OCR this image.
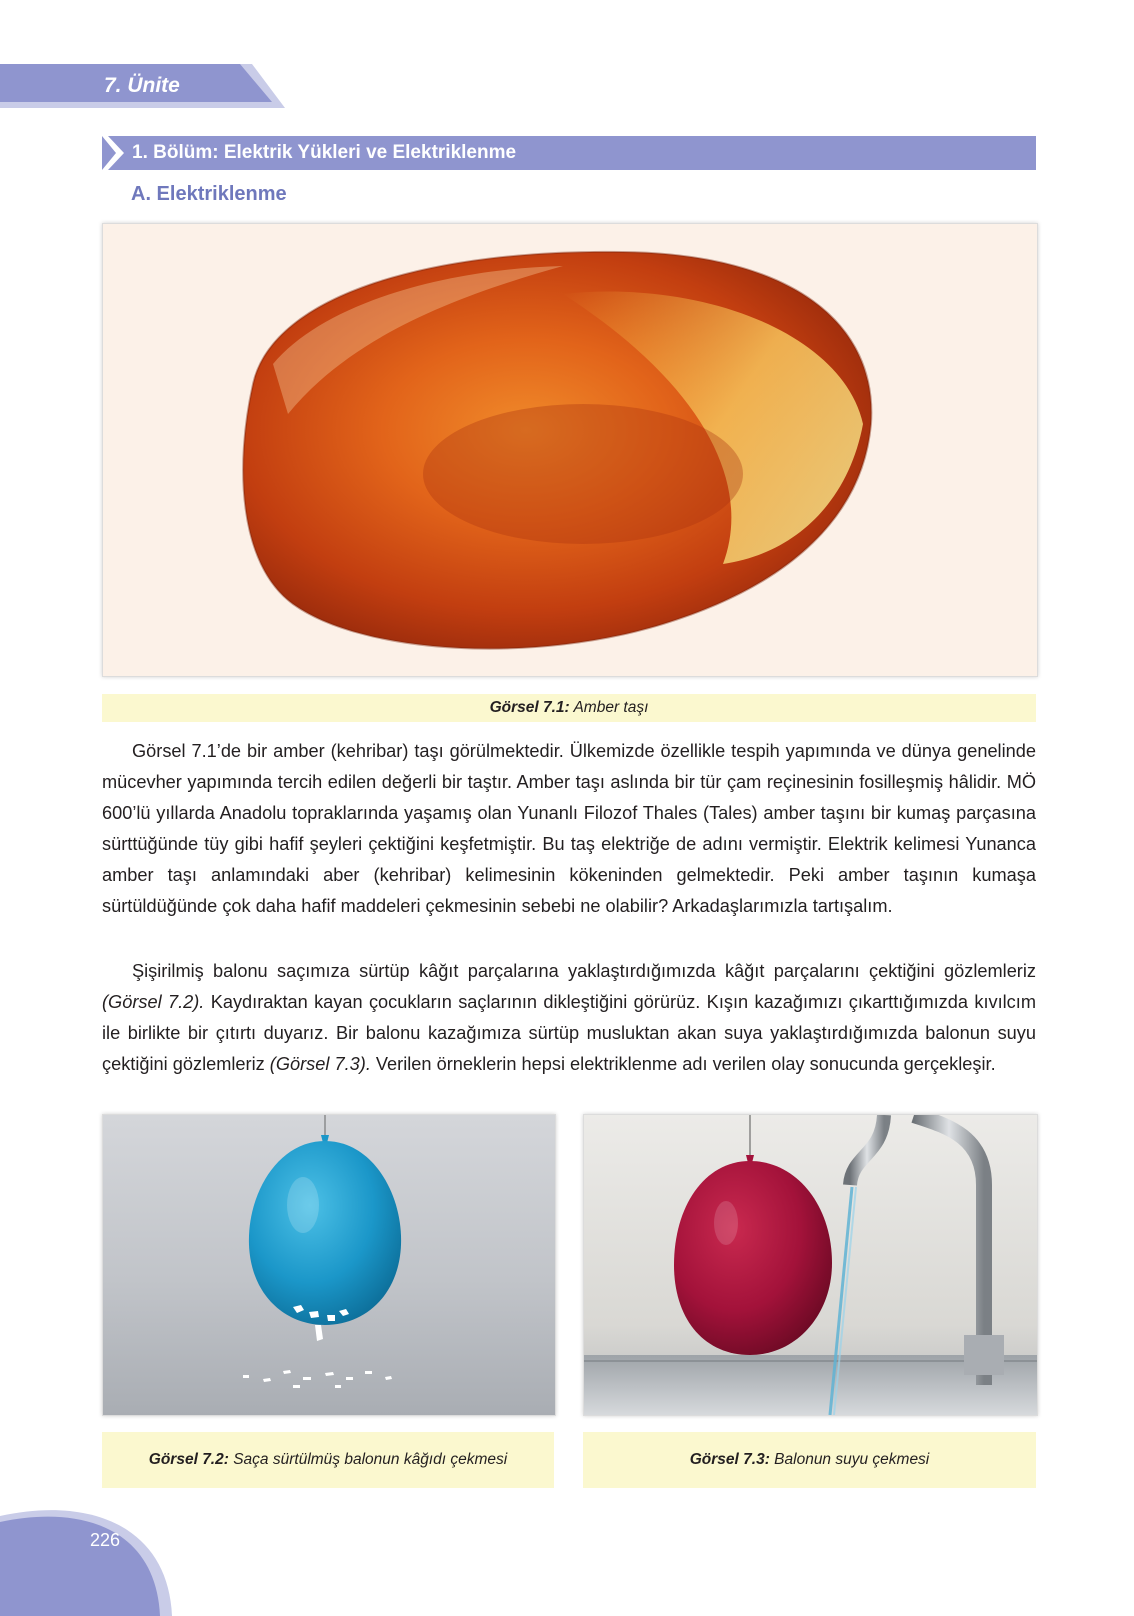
7. Ünite
1. Bölüm: Elektrik Yükleri ve Elektriklenme
A. Elektriklenme
Görsel 7.1: Amber taşı
Görsel 7.1’de bir amber (kehribar) taşı görülmektedir. Ülkemizde özellikle tespih yapımında ve dünya genelinde mücevher yapımında tercih edilen değerli bir taştır. Amber taşı aslında bir tür çam reçinesinin fosilleşmiş hâlidir. MÖ 600’lü yıllarda Anadolu topraklarında yaşamış olan Yunanlı Filozof Thales (Tales) amber taşını bir kumaş parçasına sürttüğünde tüy gibi hafif şeyleri çektiğini keşfetmiştir. Bu taş elektriğe de adını vermiştir. Elektrik kelimesi Yunanca amber taşı anlamındaki aber (kehribar) kelimesinin kökeninden gelmektedir. Peki amber taşının kumaşa sürtüldüğünde çok daha hafif maddeleri çekmesinin sebebi ne olabilir? Arkadaşlarımızla tartışalım.
Şişirilmiş balonu saçımıza sürtüp kâğıt parçalarına yaklaştırdığımızda kâğıt parçalarını çektiğini gözlemleriz (Görsel 7.2). Kaydıraktan kayan çocukların saçlarının dikleştiğini görürüz. Kışın kazağımızı çıkarttığımızda kıvılcım ile birlikte bir çıtırtı duyarız. Bir balonu kazağımıza sürtüp musluktan akan suya yaklaştırdığımızda balonun suyu çektiğini gözlemleriz (Görsel 7.3). Verilen örneklerin hepsi elektriklenme adı verilen olay sonucunda gerçekleşir.
Görsel 7.2: Saça sürtülmüş balonun kâğıdı çekmesi	Görsel 7.3: Balonun suyu çekmesi
226
